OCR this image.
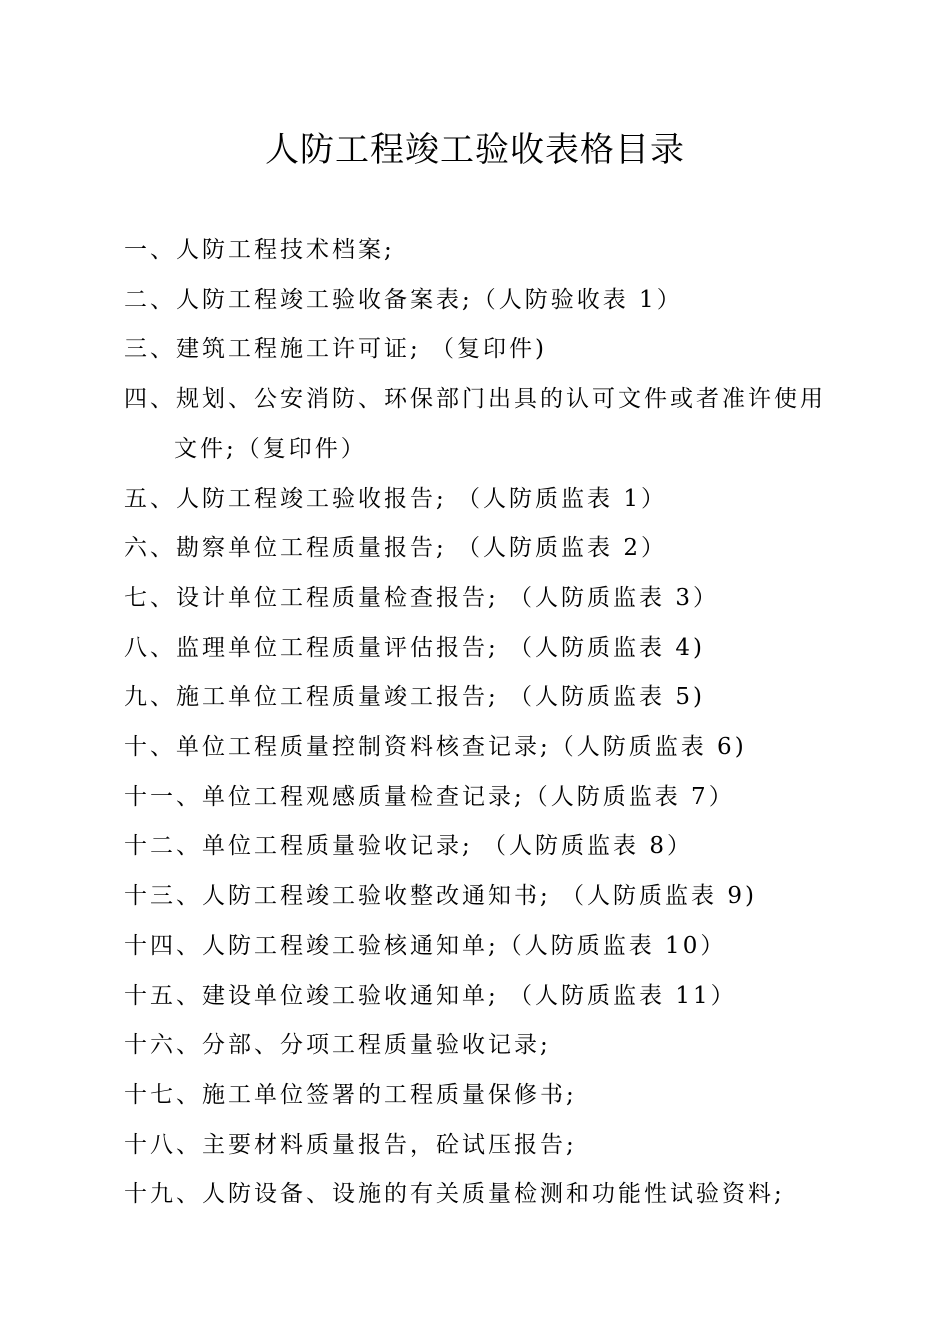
人防工程竣工验收表格目录
一、人防工程技术档案;
二、人防工程竣工验收备案表;（人防验收表 1）
三、建筑工程施工许可证; （复印件)
四、规划、公安消防、环保部门出具的认可文件或者准许使用
文件;（复印件）
五、人防工程竣工验收报告; （人防质监表 1）
六、勘察单位工程质量报告; （人防质监表 2）
七、设计单位工程质量检查报告; （人防质监表 3）
八、监理单位工程质量评估报告; （人防质监表 4)
九、施工单位工程质量竣工报告; （人防质监表 5)
十、单位工程质量控制资料核查记录;（人防质监表 6)
十一、单位工程观感质量检查记录;（人防质监表 7）
十二、单位工程质量验收记录; （人防质监表 8）
十三、人防工程竣工验收整改通知书; （人防质监表 9)
十四、人防工程竣工验核通知单;（人防质监表 10）
十五、建设单位竣工验收通知单; （人防质监表 11）
十六、分部、分项工程质量验收记录;
十七、施工单位签署的工程质量保修书;
十八、主要材料质量报告，砼试压报告;
十九、人防设备、设施的有关质量检测和功能性试验资料;
